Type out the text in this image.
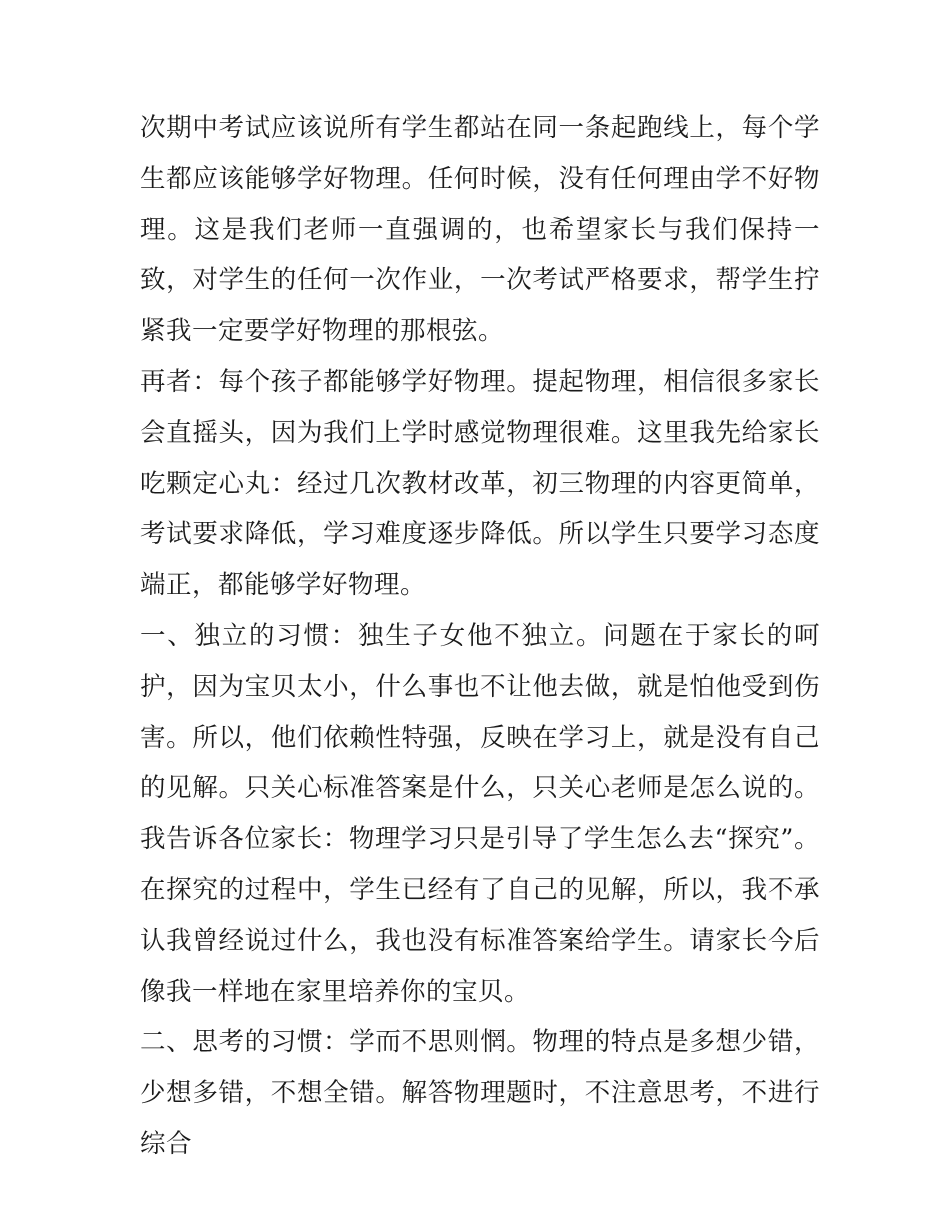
次期中考试应该说所有学生都站在同一条起跑线上，每个学生都应该能够学好物理。任何时候，没有任何理由学不好物理。这是我们老师一直强调的，也希望家长与我们保持一致，对学生的任何一次作业，一次考试严格要求，帮学生拧紧我一定要学好物理的那根弦。

再者：每个孩子都能够学好物理。提起物理，相信很多家长会直摇头，因为我们上学时感觉物理很难。这里我先给家长吃颗定心丸：经过几次教材改革，初三物理的内容更简单，考试要求降低，学习难度逐步降低。所以学生只要学习态度端正，都能够学好物理。

一、独立的习惯：独生子女他不独立。问题在于家长的呵护，因为宝贝太小，什么事也不让他去做，就是怕他受到伤害。所以，他们依赖性特强，反映在学习上，就是没有自己的见解。只关心标准答案是什么，只关心老师是怎么说的。我告诉各位家长：物理学习只是引导了学生怎么去“探究”。在探究的过程中，学生已经有了自己的见解，所以，我不承认我曾经说过什么，我也没有标准答案给学生。请家长今后像我一样地在家里培养你的宝贝。

二、思考的习惯：学而不思则惘。物理的特点是多想少错，少想多错，不想全错。解答物理题时，不注意思考，不进行综合
